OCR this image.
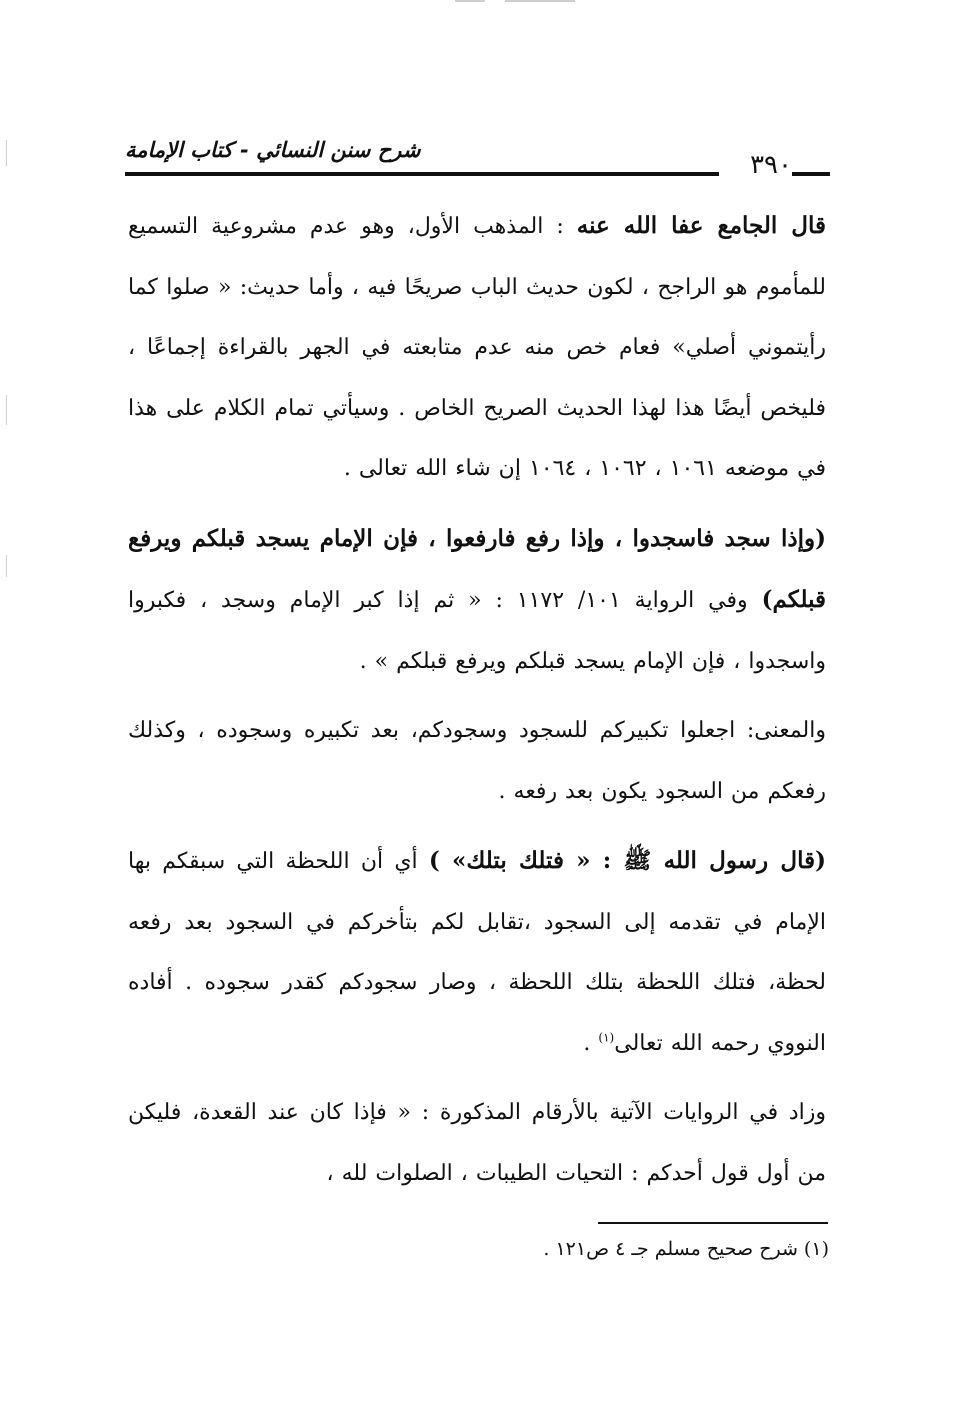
شرح سنن النسائي - كتاب الإمامة	٣٩٠

قال الجامع عفا الله عنه : المذهب الأول، وهو عدم مشروعية التسميع للمأموم هو الراجح ، لكون حديث الباب صريحًا فيه ، وأما حديث: « صلوا كما رأيتموني أصلي» فعام خص منه عدم متابعته في الجهر بالقراءة إجماعًا ، فليخص أيضًا هذا لهذا الحديث الصريح الخاص . وسيأتي تمام الكلام على هذا في موضعه ١٠٦١ ، ١٠٦٢ ، ١٠٦٤ إن شاء الله تعالى .

(وإذا سجد فاسجدوا ، وإذا رفع فارفعوا ، فإن الإمام يسجد قبلكم ويرفع قبلكم) وفي الرواية ١٠١/ ١١٧٢ : « ثم إذا كبر الإمام وسجد ، فكبروا واسجدوا ، فإن الإمام يسجد قبلكم ويرفع قبلكم » .

والمعنى: اجعلوا تكبيركم للسجود وسجودكم، بعد تكبيره وسجوده ، وكذلك رفعكم من السجود يكون بعد رفعه .

(قال رسول الله ﷺ : « فتلك بتلك» ) أي أن اللحظة التي سبقكم بها الإمام في تقدمه إلى السجود ،تقابل لكم بتأخركم في السجود بعد رفعه لحظة، فتلك اللحظة بتلك اللحظة ، وصار سجودكم كقدر سجوده . أفاده النووي رحمه الله تعالى$^{(١)}$ .

وزاد في الروايات الآتية بالأرقام المذكورة : « فإذا كان عند القعدة، فليكن من أول قول أحدكم : التحيات الطيبات ، الصلوات لله ،

(١) شرح صحيح مسلم جـ ٤ ص١٢١ .
